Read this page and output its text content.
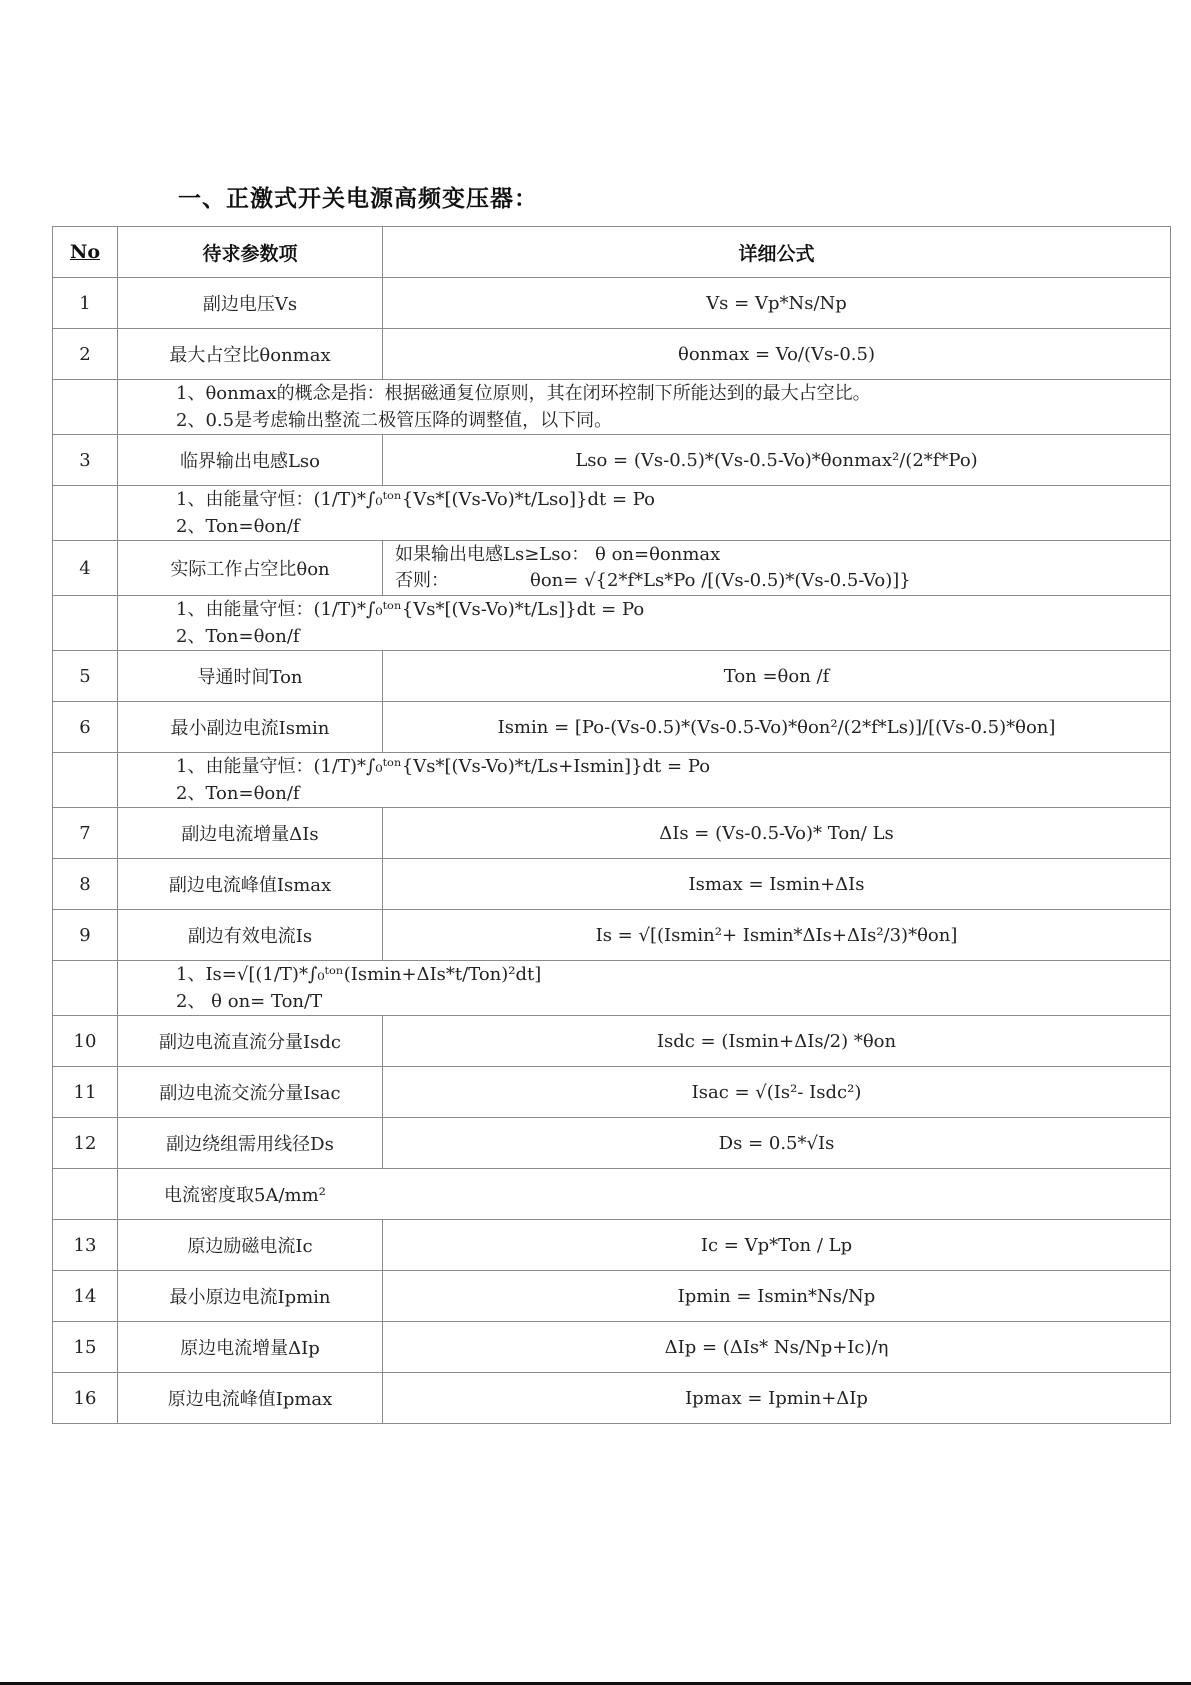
一、正激式开关电源高频变压器：
No	待求参数项	详细公式
1	副边电压Vs	Vs = Vp*Ns/Np
2	最大占空比θonmax	θonmax = Vo/(Vs-0.5)

	1、θonmax的概念是指：根据磁通复位原则，其在闭环控制下所能达到的最大占空比。
2、0.5是考虑输出整流二极管压降的调整值，以下同。	

3	临界输出电感Lso	Lso = (Vs-0.5)*(Vs-0.5-Vo)*θonmax²/(2*f*Po)

	1、由能量守恒：(1/T)*∫₀ᵗᵒⁿ{Vs*[(Vs-Vo)*t/Lso]}dt = Po
2、Ton=θon/f	

4	实际工作占空比θon	如果输出电感Ls≥Lso： θ on=θonmax
否则： θon= √{2*f*Ls*Po /[(Vs-0.5)*(Vs-0.5-Vo)]}

	1、由能量守恒：(1/T)*∫₀ᵗᵒⁿ{Vs*[(Vs-Vo)*t/Ls]}dt = Po
2、Ton=θon/f	

5	导通时间Ton	Ton =θon /f
6	最小副边电流Ismin	Ismin = [Po-(Vs-0.5)*(Vs-0.5-Vo)*θon²/(2*f*Ls)]/[(Vs-0.5)*θon]

	1、由能量守恒：(1/T)*∫₀ᵗᵒⁿ{Vs*[(Vs-Vo)*t/Ls+Ismin]}dt = Po
2、Ton=θon/f	

7	副边电流增量ΔIs	ΔIs = (Vs-0.5-Vo)* Ton/ Ls
8	副边电流峰值Ismax	Ismax = Ismin+ΔIs
9	副边有效电流Is	Is = √[(Ismin²+ Ismin*ΔIs+ΔIs²/3)*θon]

	1、Is=√[(1/T)*∫₀ᵗᵒⁿ(Ismin+ΔIs*t/Ton)²dt]
2、 θ on= Ton/T	

10	副边电流直流分量Isdc	Isdc = (Ismin+ΔIs/2) *θon
11	副边电流交流分量Isac	Isac = √(Is²- Isdc²)
12	副边绕组需用线径Ds	Ds = 0.5*√Is
	电流密度取5A/mm²	
13	原边励磁电流Ic	Ic = Vp*Ton / Lp
14	最小原边电流Ipmin	Ipmin = Ismin*Ns/Np
15	原边电流增量ΔIp	ΔIp = (ΔIs* Ns/Np+Ic)/η
16	原边电流峰值Ipmax	Ipmax = Ipmin+ΔIp
